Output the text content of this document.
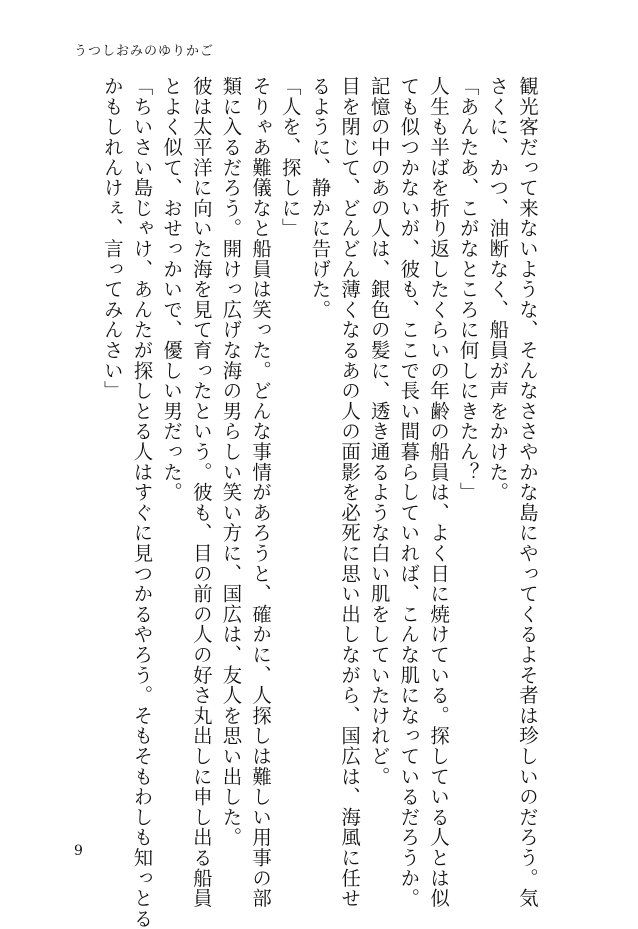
うつしおみのゆりかご

観光客だって来ないような、そんなささやかな島にやってくるよそ者は珍しいのだろう。気

さくに、かつ、油断なく、船員が声をかけた。

「あんたあ、こがなところに何しにきたん？」

人生も半ばを折り返したくらいの年齢の船員は、よく日に焼けている。探している人とは似

ても似つかないが、彼も、ここで長い間暮らしていれば、こんな肌になっているだろうか。

記憶の中のあの人は、銀色の髪に、透き通るような白い肌をしていたけれど。

目を閉じて、どんどん薄くなるあの人の面影を必死に思い出しながら、国広は、海風に任せ

るように、静かに告げた。

「人を、探しに」

そりゃあ難儀なと船員は笑った。どんな事情があろうと、確かに、人探しは難しい用事の部

類に入るだろう。開けっ広げな海の男らしい笑い方に、国広は、友人を思い出した。

彼は太平洋に向いた海を見て育ったという。彼も、目の前の人の好さ丸出しに申し出る船員

とよく似て、おせっかいで、優しい男だった。

「ちいさい島じゃけ、あんたが探しとる人はすぐに見つかるやろう。そもそもわしも知っとる

かもしれんけぇ、言ってみんさい」

9
